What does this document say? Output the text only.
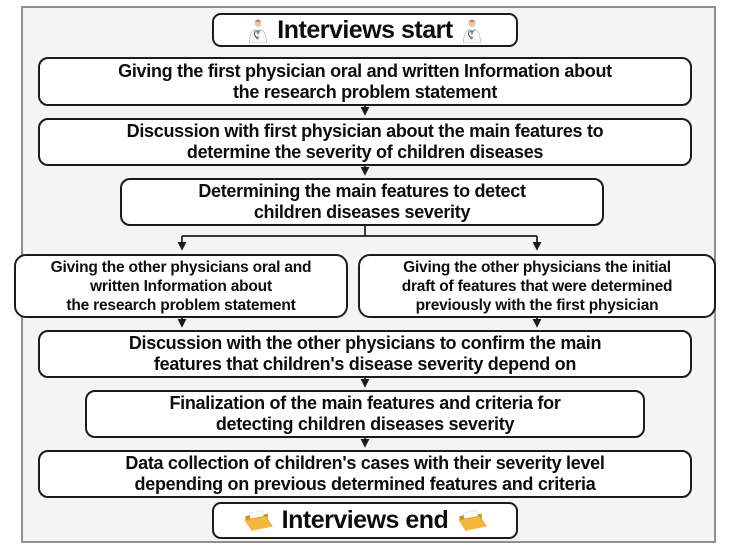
Interviews start
Giving the first physician oral and written Information about
the research problem statement
Discussion with first physician about the main features to
determine the severity of children diseases
Determining the main features to detect
children diseases severity
Giving the other physicians oral and
written Information about
the research problem statement
Giving the other physicians the initial
draft of features that were determined
previously with the first physician
Discussion with the other physicians to confirm the main
features that children's disease severity depend on
Finalization of the main features and criteria for
detecting children diseases severity
Data collection of children's cases with their severity level
depending on previous determined features and criteria
Interviews end
